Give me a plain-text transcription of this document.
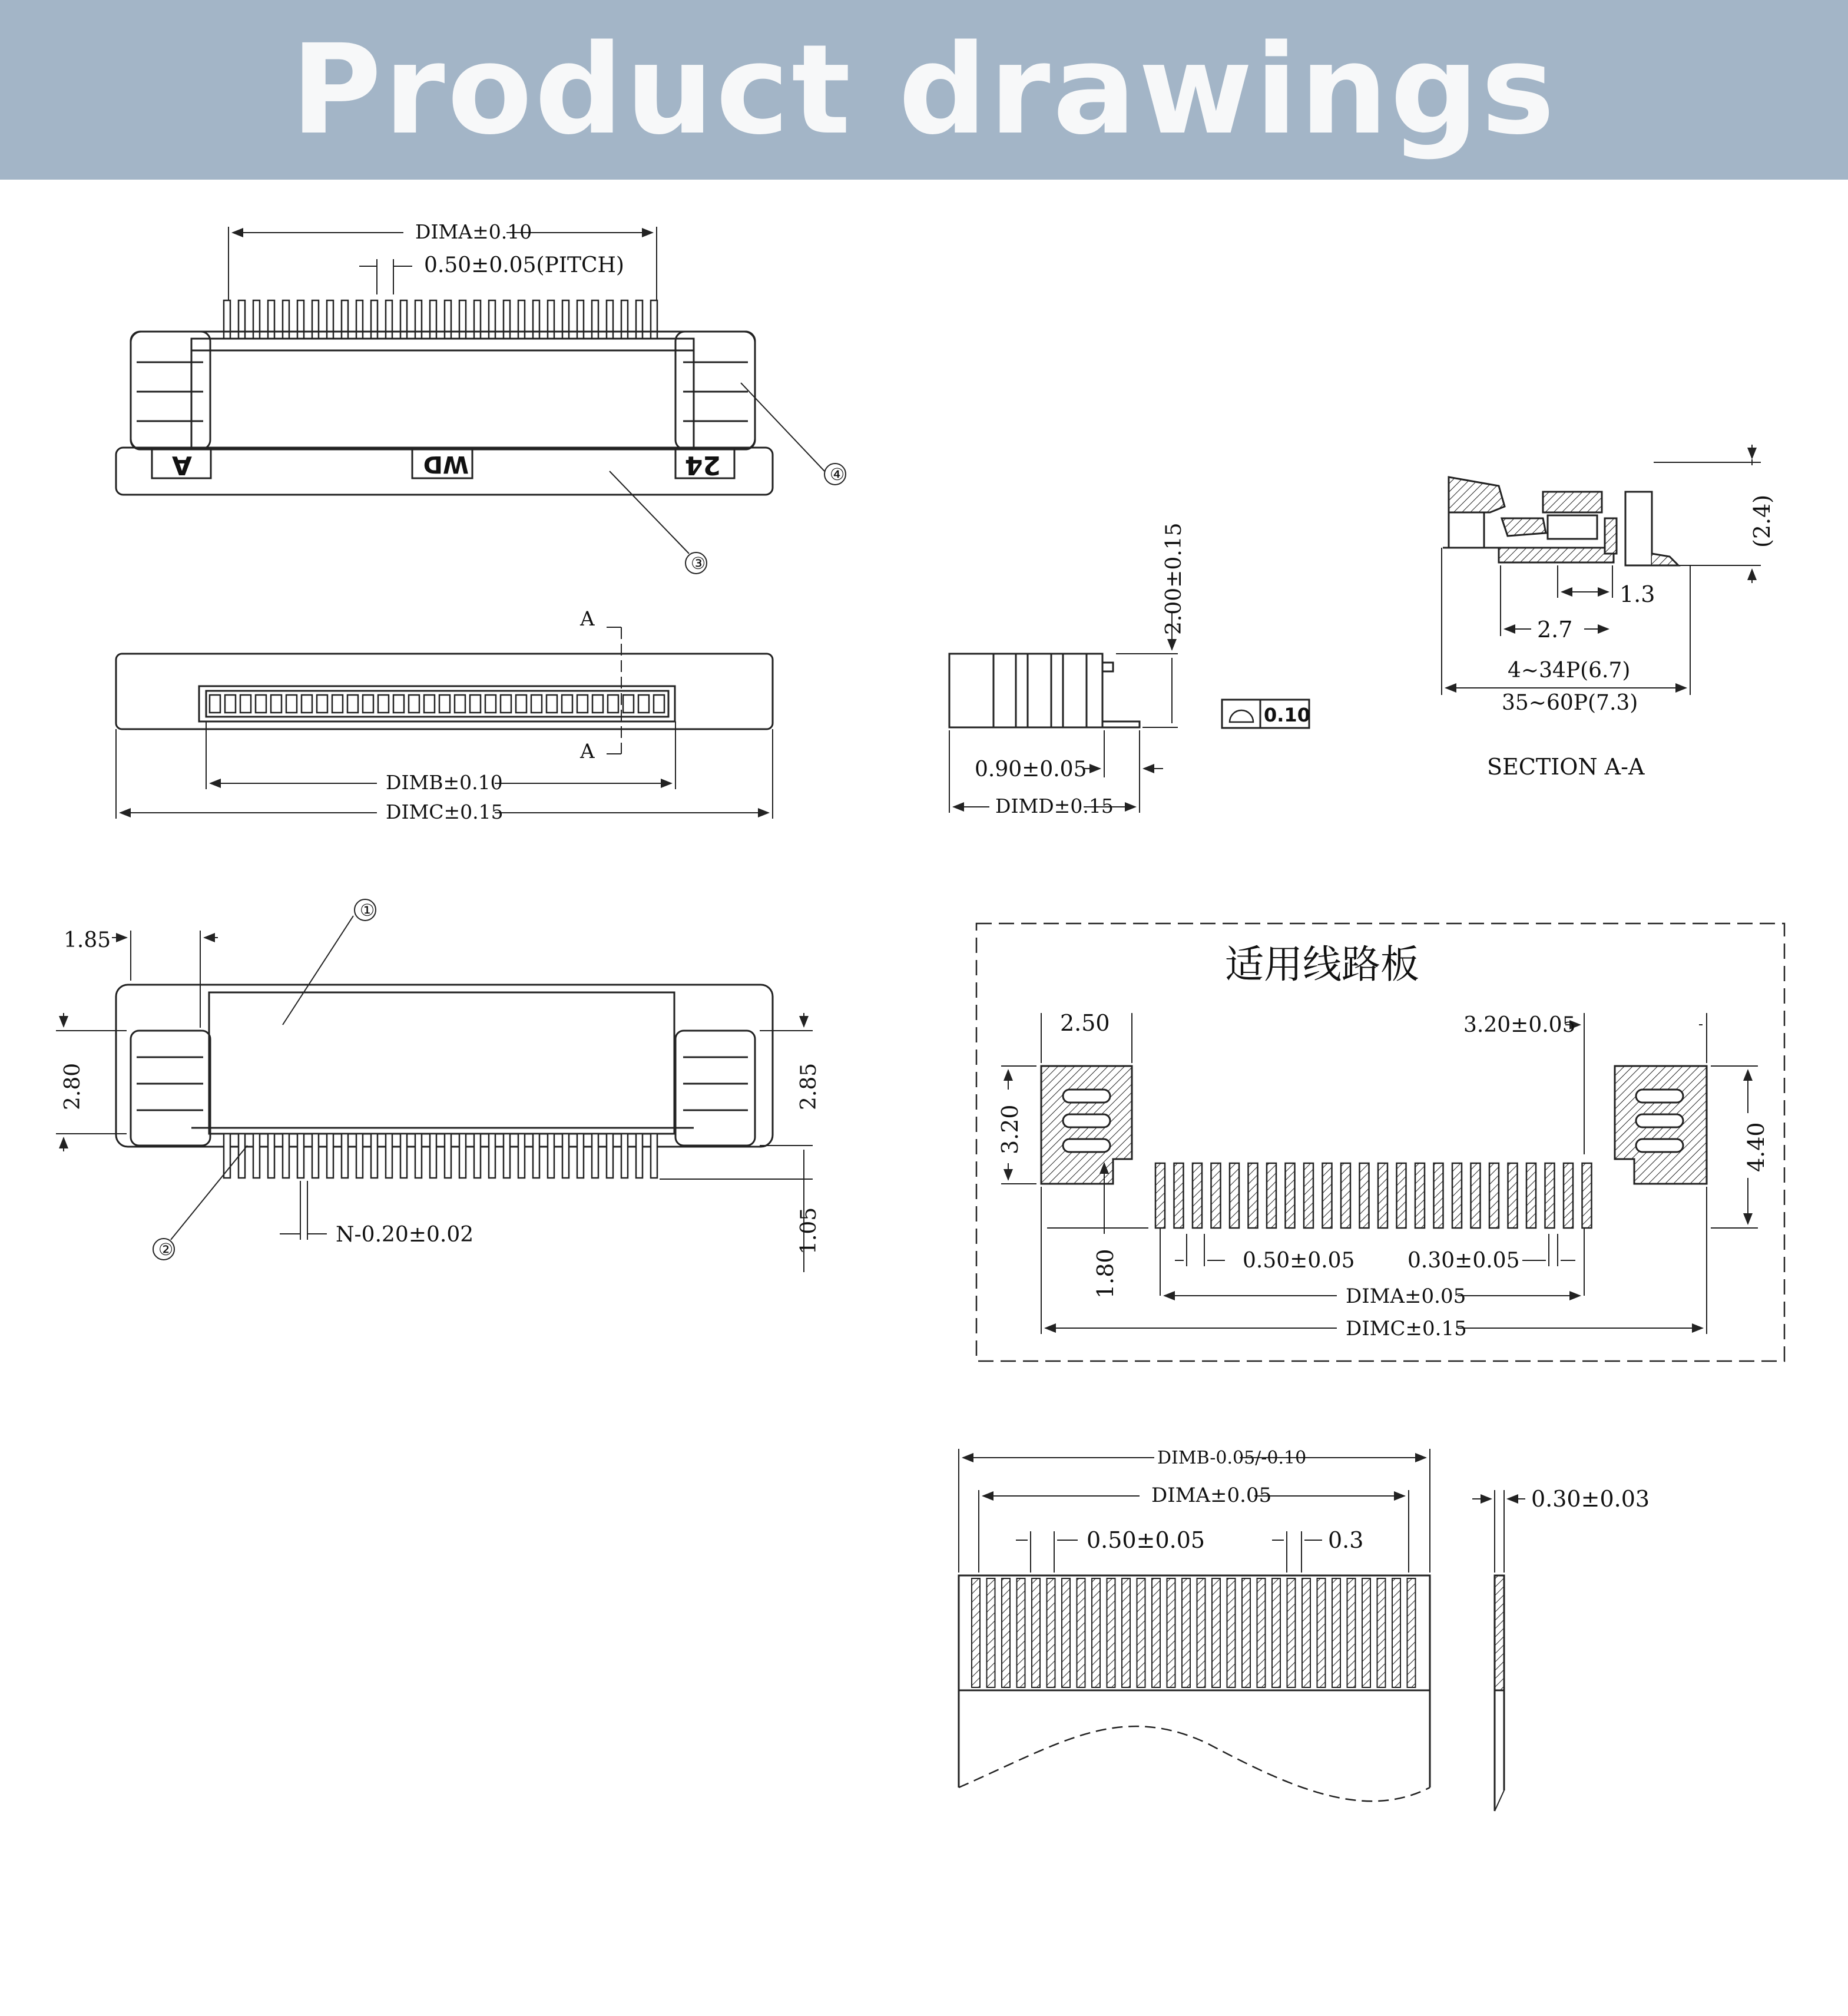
Product drawings
DIMA±0.10
0.50±0.05(PITCH)
A	WD	24	④
③
A
A
DIMB±0.10
DIMC±0.15
1.85
2.80	2.85
1.05
N-0.20±0.02
①
②
2.00±0.15
0.10
0.90±0.05
DIMD±0.15
(2.4)
1.3
2.7
4~34P(6.7)
35~60P(7.3)
SECTION A-A
适用线路板
2.50	3.20±0.05
3.20	4.40
1.80	0.50±0.05 0.30±0.05
DIMA±0.05
DIMC±0.15
DIMB-0.05/-0.10
DIMA±0.05
0.50±0.05	0.3
0.30±0.03
